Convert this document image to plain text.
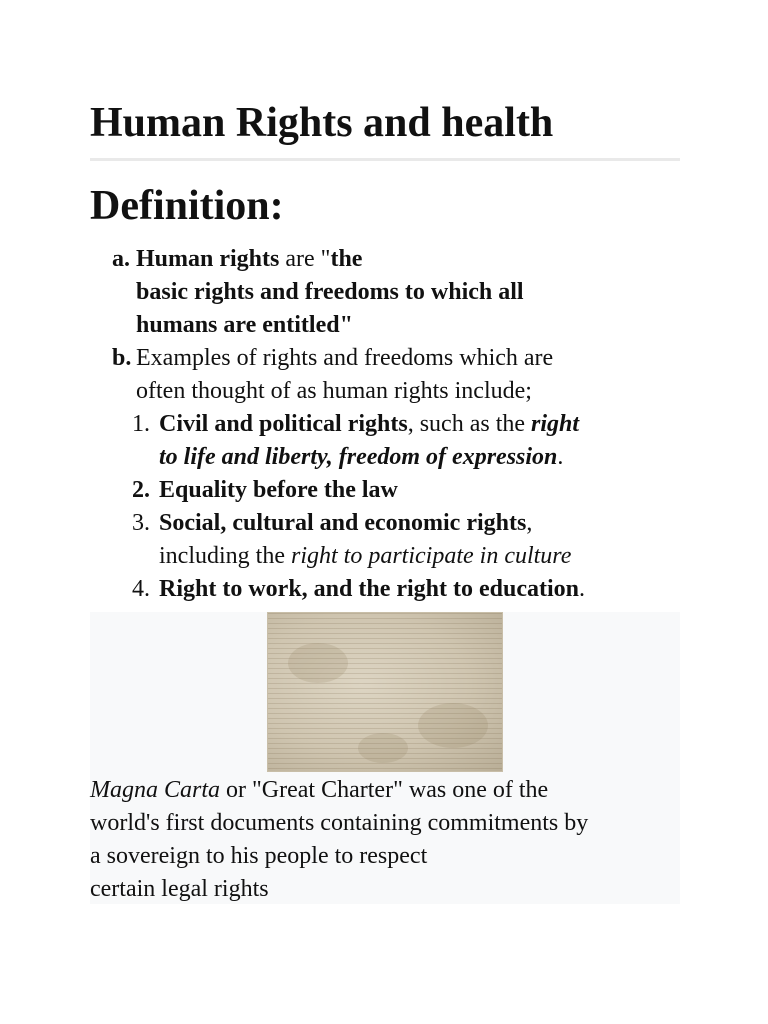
Human Rights and health
Definition:
a. Human rights are "the
basic rights and freedoms to which all
humans are entitled"
b. Examples of rights and freedoms which are
often thought of as human rights include;
1. Civil and political rights, such as the right
to life and liberty, freedom of expression.
2. Equality before the law
3. Social, cultural and economic rights,
including the right to participate in culture
4. Right to work, and the right to education.
Magna Carta or "Great Charter" was one of the
world's first documents containing commitments by
a sovereign to his people to respect
certain legal rights
